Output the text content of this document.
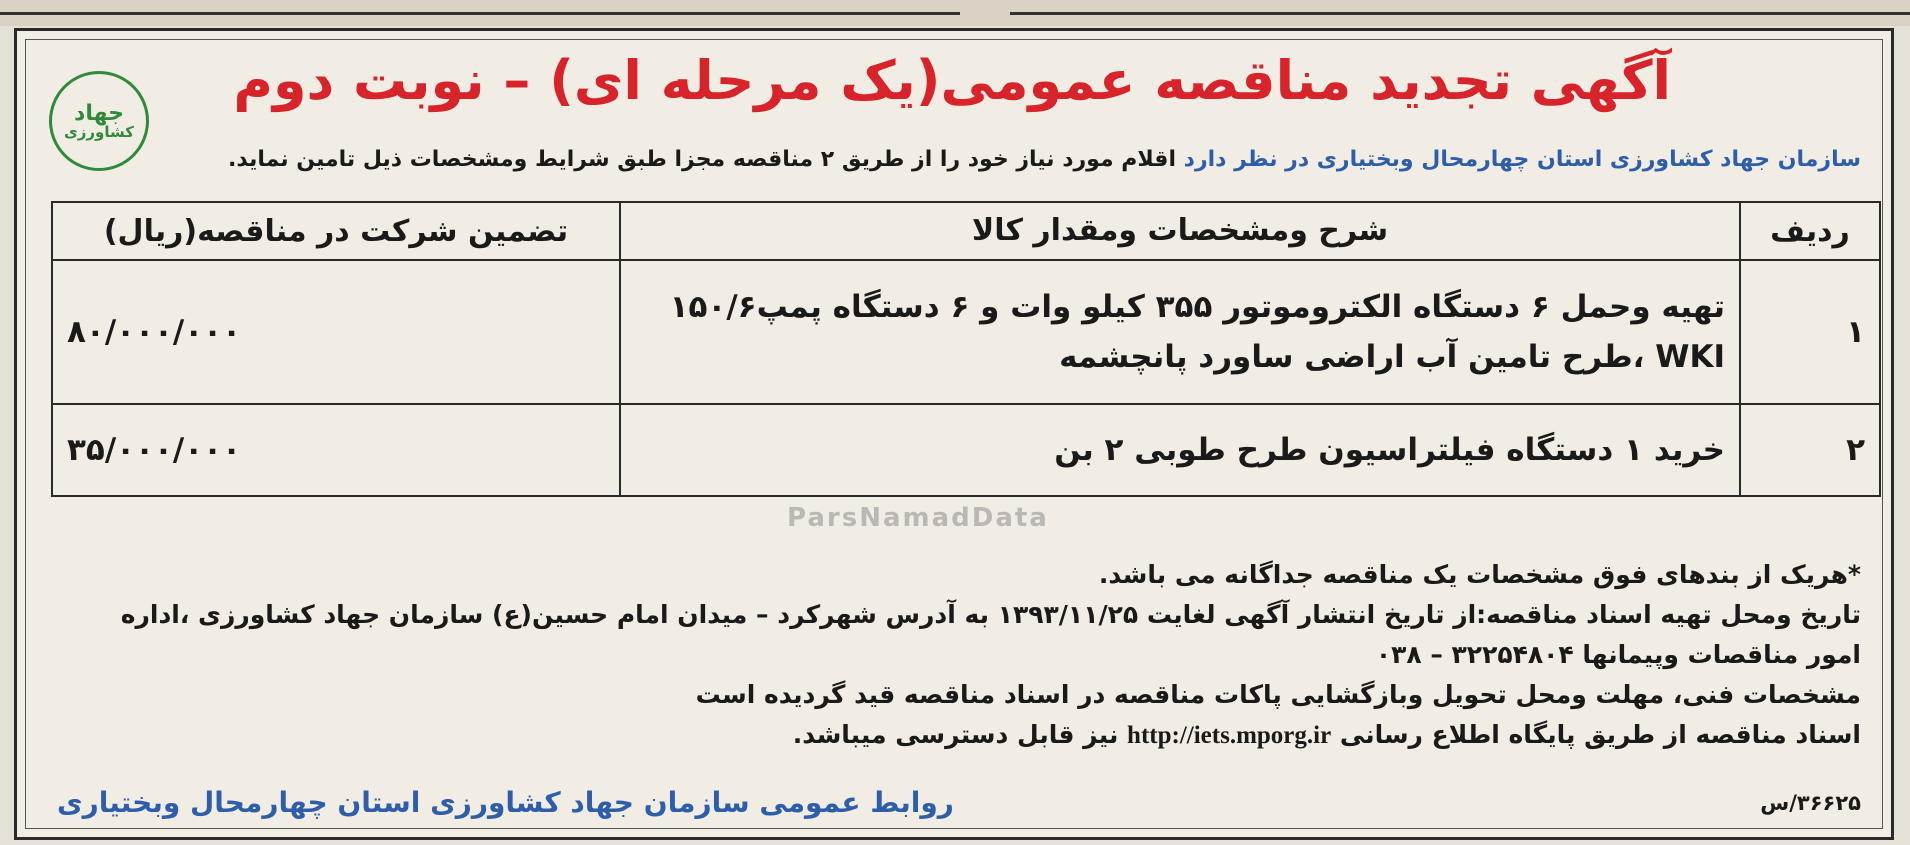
جهاد
کشاورزی
آگهی تجدید مناقصه عمومی(یک مرحله ای) – نوبت دوم
سازمان جهاد کشاورزی استان چهارمحال وبختیاری در نظر دارد اقلام مورد نیاز خود را از طریق ۲ مناقصه مجزا طبق شرایط ومشخصات ذیل تامین نماید.
ردیف	شرح ومشخصات ومقدار کالا	تضمین شرکت در مناقصه(ریال)
۱	تهیه وحمل ۶ دستگاه الکتروموتور ۳۵۵ کیلو وات و ۶ دستگاه پمپ۱۵۰/۶ WKI ،طرح تامین آب اراضی ساورد پانچشمه	۸۰/۰۰۰/۰۰۰
۲	خرید ۱ دستگاه فیلتراسیون طرح طوبی ۲ بن	۳۵/۰۰۰/۰۰۰
ParsNamadData

*هریک از بندهای فوق مشخصات یک مناقصه جداگانه می باشد.

تاریخ ومحل تهیه اسناد مناقصه:از تاریخ انتشار آگهی لغایت ۱۳۹۳/۱۱/۲۵ به آدرس شهرکرد – میدان امام حسین(ع) سازمان جهاد کشاورزی ،اداره

امور مناقصات وپیمانها ۳۲۲۵۴۸۰۴ – ۰۳۸

مشخصات فنی، مهلت ومحل تحویل وبازگشایی پاکات مناقصه در اسناد مناقصه قید گردیده است

اسناد مناقصه از طریق پایگاه اطلاع رسانی http://iets.mporg.ir نیز قابل دسترسی میباشد.

۳۶۶۲۵/س
روابط عمومی سازمان جهاد کشاورزی استان چهارمحال وبختیاری
